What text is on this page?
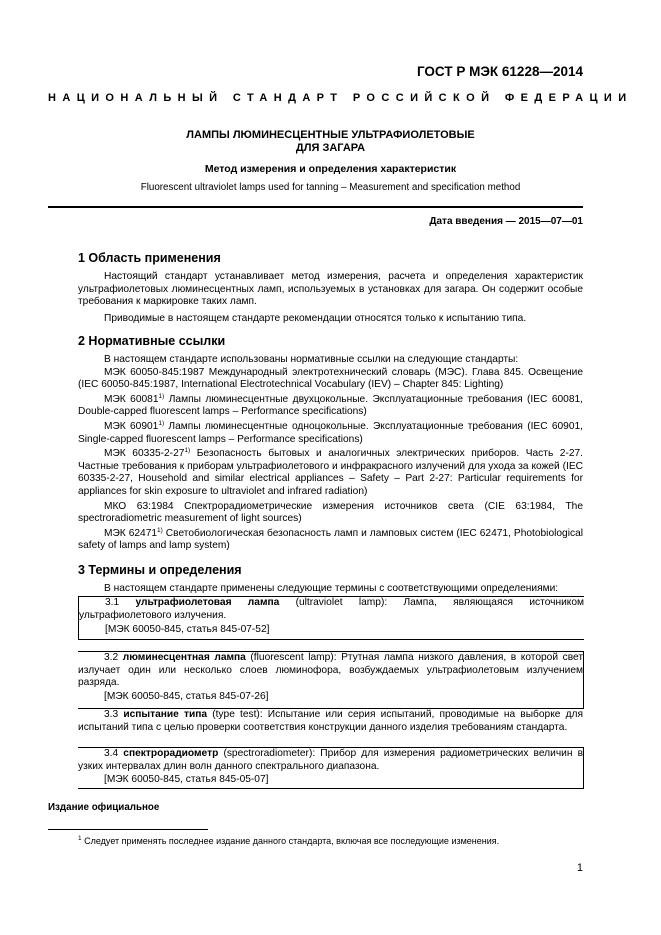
ГОСТ Р МЭК 61228—2014
НАЦИОНАЛЬНЫЙ СТАНДАРТ РОССИЙСКОЙ ФЕДЕРАЦИИ
ЛАМПЫ ЛЮМИНЕСЦЕНТНЫЕ УЛЬТРАФИОЛЕТОВЫЕ
ДЛЯ ЗАГАРА
Метод измерения и определения характеристик
Fluorescent ultraviolet lamps used for tanning – Measurement and specification method
Дата введения — 2015—07—01
1 Область применения

Настоящий стандарт устанавливает метод измерения, расчета и определения характеристик ультрафиолетовых люминесцентных ламп, используемых в установках для загара. Он содержит особые требования к маркировке таких ламп.

Приводимые в настоящем стандарте рекомендации относятся только к испытанию типа.

2 Нормативные ссылки

В настоящем стандарте использованы нормативные ссылки на следующие стандарты:

МЭК 60050-845:1987 Международный электротехнический словарь (МЭС). Глава 845. Освещение (IEC 60050-845:1987, International Electrotechnical Vocabulary (IEV) – Chapter 845: Lighting)

МЭК 60081$^{1)}$ Лампы люминесцентные двухцокольные. Эксплуатационные требования (IEC 60081, Double-capped fluorescent lamps – Performance specifications)

МЭК 60901$^{1)}$ Лампы люминесцентные одноцокольные. Эксплуатационные требования (IEC 60901, Single-capped fluorescent lamps – Performance specifications)

МЭК 60335-2-27$^{1)}$ Безопасность бытовых и аналогичных электрических приборов. Часть 2-27. Частные требования к приборам ультрафиолетового и инфракрасного излучений для ухода за кожей (IEC 60335-2-27, Household and similar electrical appliances – Safety – Part 2-27: Particular requirements for appliances for skin exposure to ultraviolet and infrared radiation)

МКО 63:1984 Спектрорадиометрические измерения источников света (CIE 63:1984, The spectroradiometric measurement of light sources)

МЭК 62471$^{1)}$ Светобиологическая безопасность ламп и ламповых систем (IEC 62471, Photobiological safety of lamps and lamp system)

3 Термины и определения

В настоящем стандарте применены следующие термины с соответствующими определениями:

3.1 ультрафиолетовая лампа (ultraviolet lamp): Лампа, являющаяся источником ультрафиолетового излучения.

[МЭК 60050-845, статья 845-07-52]

3.2 люминесцентная лампа (fluorescent lamp): Ртутная лампа низкого давления, в которой свет излучает один или несколько слоев люминофора, возбуждаемых ультрафиолетовым излучением разряда.

[МЭК 60050-845, статья 845-07-26]

3.3 испытание типа (type test): Испытание или серия испытаний, проводимые на выборке для испытаний типа с целью проверки соответствия конструкции данного изделия требованиям стандарта.

3.4 спектрорадиометр (spectroradiometer): Прибор для измерения радиометрических величин в узких интервалах длин волн данного спектрального диапазона.

[МЭК 60050-845, статья 845-05-07]

Издание официальное
$^1$ Следует применять последнее издание данного стандарта, включая все последующие изменения.
1
